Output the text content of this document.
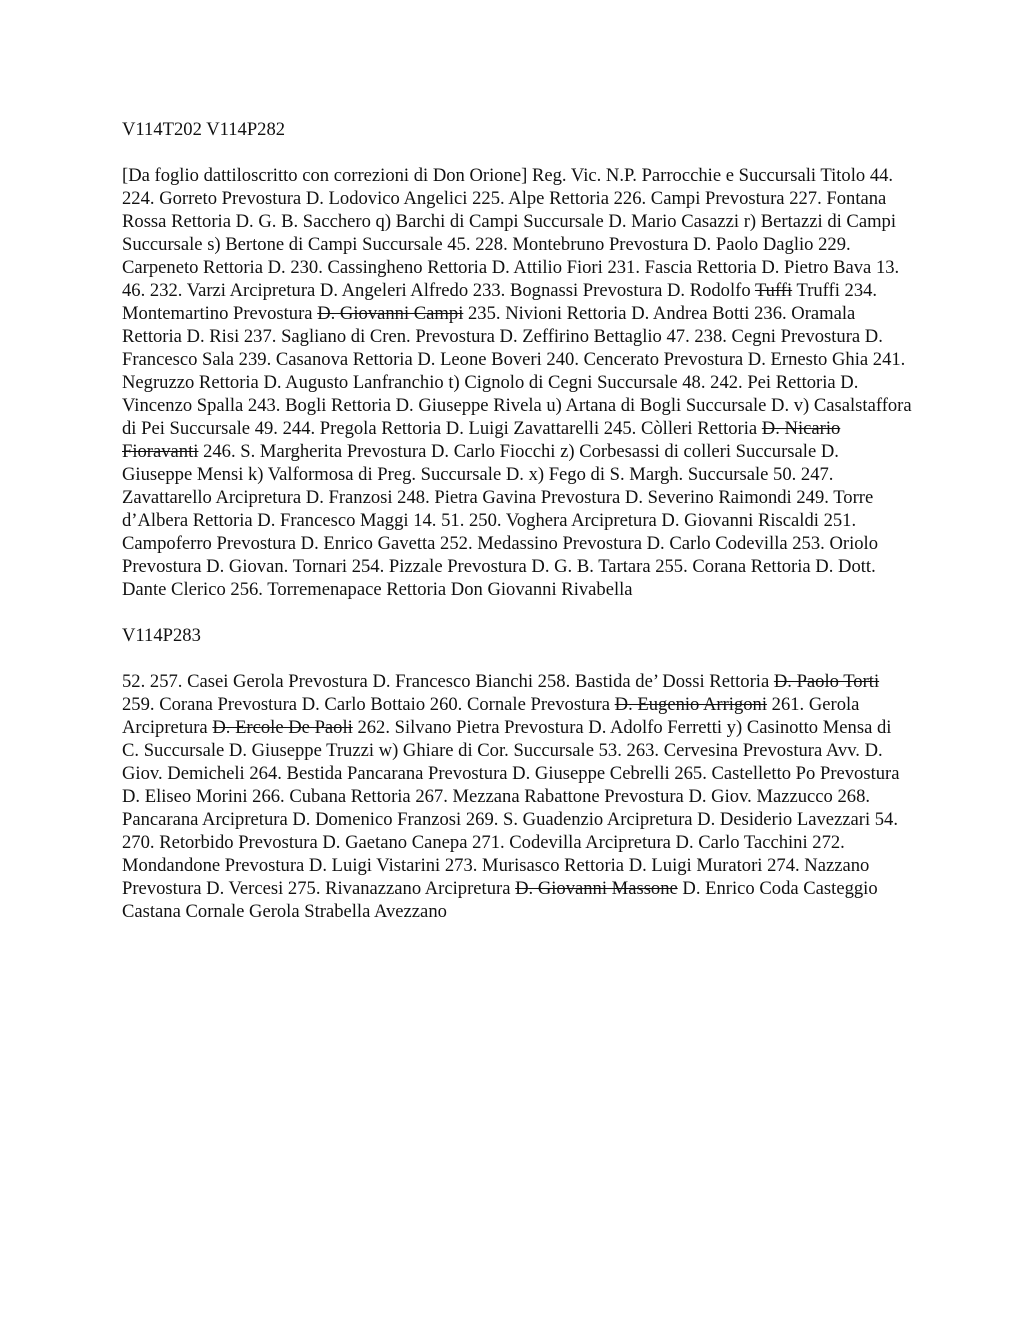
V114T202 V114P282

[Da foglio dattiloscritto con correzioni di Don Orione] Reg. Vic. N.P. Parrocchie e Succursali Titolo 44. 224. Gorreto Prevostura D. Lodovico Angelici 225. Alpe Rettoria 226. Campi Prevostura 227. Fontana Rossa Rettoria D. G. B. Sacchero q) Barchi di Campi Succursale D. Mario Casazzi r) Bertazzi di Campi Succursale s) Bertone di Campi Succursale 45. 228. Montebruno Prevostura D. Paolo Daglio 229. Carpeneto Rettoria D. 230. Cassingheno Rettoria D. Attilio Fiori 231. Fascia Rettoria D. Pietro Bava 13. 46. 232. Varzi Arcipretura D. Angeleri Alfredo 233. Bognassi Prevostura D. Rodolfo Tuffi Truffi 234. Montemartino Prevostura D. Giovanni Campi 235. Nivioni Rettoria D. Andrea Botti 236. Oramala Rettoria D. Risi 237. Sagliano di Cren. Prevostura D. Zeffirino Bettaglio 47. 238. Cegni Prevostura D. Francesco Sala 239. Casanova Rettoria D. Leone Boveri 240. Cencerato Prevostura D. Ernesto Ghia 241. Negruzzo Rettoria D. Augusto Lanfranchio t) Cignolo di Cegni Succursale 48. 242. Pei Rettoria D. Vincenzo Spalla 243. Bogli Rettoria D. Giuseppe Rivela u) Artana di Bogli Succursale D. v) Casalstaffora di Pei Succursale 49. 244. Pregola Rettoria D. Luigi Zavattarelli 245. Còlleri Rettoria D. Nicario Fioravanti 246. S. Margherita Prevostura D. Carlo Fiocchi z) Corbesassi di colleri Succursale D. Giuseppe Mensi k) Valformosa di Preg. Succursale D. x) Fego di S. Margh. Succursale 50. 247. Zavattarello Arcipretura D. Franzosi 248. Pietra Gavina Prevostura D. Severino Raimondi 249. Torre d’Albera Rettoria D. Francesco Maggi 14. 51. 250. Voghera Arcipretura D. Giovanni Riscaldi 251. Campoferro Prevostura D. Enrico Gavetta 252. Medassino Prevostura D. Carlo Codevilla 253. Oriolo Prevostura D. Giovan. Tornari 254. Pizzale Prevostura D. G. B. Tartara 255. Corana Rettoria D. Dott. Dante Clerico 256. Torremenapace Rettoria Don Giovanni Rivabella

V114P283

52. 257. Casei Gerola Prevostura D. Francesco Bianchi 258. Bastida de’ Dossi Rettoria D. Paolo Torti 259. Corana Prevostura D. Carlo Bottaio 260. Cornale Prevostura D. Eugenio Arrigoni 261. Gerola Arcipretura D. Ercole De Paoli 262. Silvano Pietra Prevostura D. Adolfo Ferretti y) Casinotto Mensa di C. Succursale D. Giuseppe Truzzi w) Ghiare di Cor. Succursale 53. 263. Cervesina Prevostura Avv. D. Giov. Demicheli 264. Bestida Pancarana Prevostura D. Giuseppe Cebrelli 265. Castelletto Po Prevostura D. Eliseo Morini 266. Cubana Rettoria 267. Mezzana Rabattone Prevostura D. Giov. Mazzucco 268. Pancarana Arcipretura D. Domenico Franzosi 269. S. Guadenzio Arcipretura D. Desiderio Lavezzari 54. 270. Retorbido Prevostura D. Gaetano Canepa 271. Codevilla Arcipretura D. Carlo Tacchini 272. Mondandone Prevostura D. Luigi Vistarini 273. Murisasco Rettoria D. Luigi Muratori 274. Nazzano Prevostura D. Vercesi 275. Rivanazzano Arcipretura D. Giovanni Massone D. Enrico Coda Casteggio Castana Cornale Gerola Strabella Avezzano
